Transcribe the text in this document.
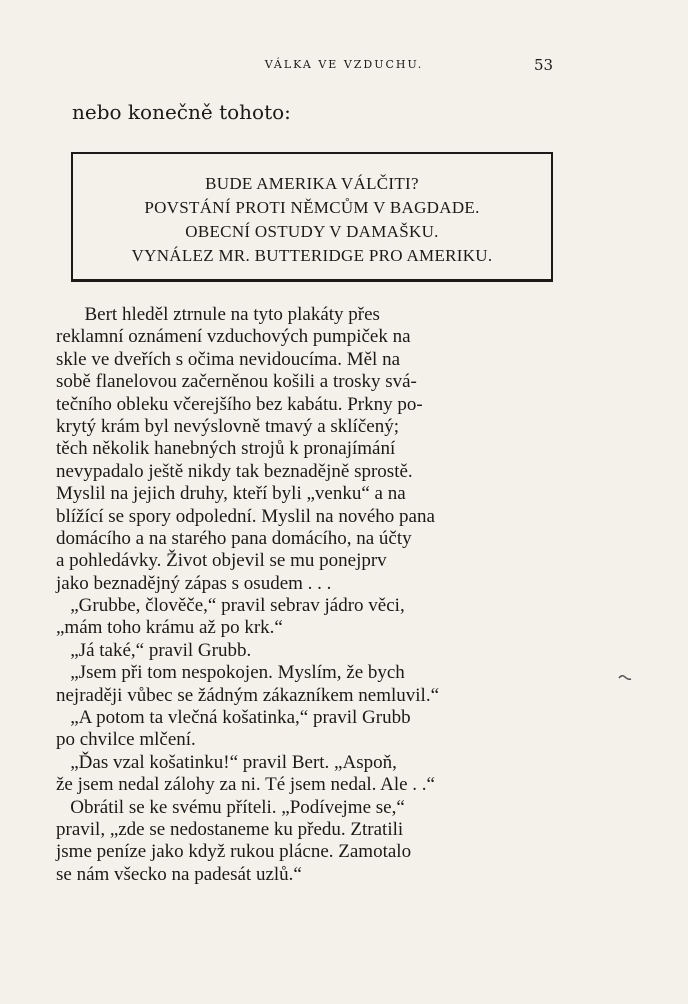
VÁLKA VE VZDUCHU.	53
nebo konečně tohoto:
BUDE AMERIKA VÁLČITI?
POVSTÁNÍ PROTI NĚMCŮM V BAGDADE.
OBECNÍ OSTUDY V DAMAŠKU.
VYNÁLEZ MR. BUTTERIDGE PRO AMERIKU.
Bert hleděl ztrnule na tyto plakáty přes
reklamní oznámení vzduchových pumpiček na
skle ve dveřích s očima nevidoucíma. Měl na
sobě flanelovou začerněnou košili a trosky svá-
tečního obleku včerejšího bez kabátu. Prkny po-
krytý krám byl nevýslovně tmavý a sklíčený;
těch několik hanebných strojů k pronajímání
nevypadalo ještě nikdy tak beznadějně sprostě.
Myslil na jejich druhy, kteří byli „venku“ a na
blížící se spory odpolední. Myslil na nového pana
domácího a na starého pana domácího, na účty
a pohledávky. Život objevil se mu ponejprv
jako beznadějný zápas s osudem . . .
„Grubbe, člověče,“ pravil sebrav jádro věci,
„mám toho krámu až po krk.“
„Já také,“ pravil Grubb.
„Jsem při tom nespokojen. Myslím, že bych
nejraději vůbec se žádným zákazníkem nemluvil.“
„A potom ta vlečná košatinka,“ pravil Grubb
po chvilce mlčení.
„Ďas vzal košatinku!“ pravil Bert. „Aspoň,
že jsem nedal zálohy za ni. Té jsem nedal. Ale . .“
Obrátil se ke svému příteli. „Podívejme se,“
pravil, „zde se nedostaneme ku předu. Ztratili
jsme peníze jako když rukou plácne. Zamotalo
se nám všecko na padesát uzlů.“
